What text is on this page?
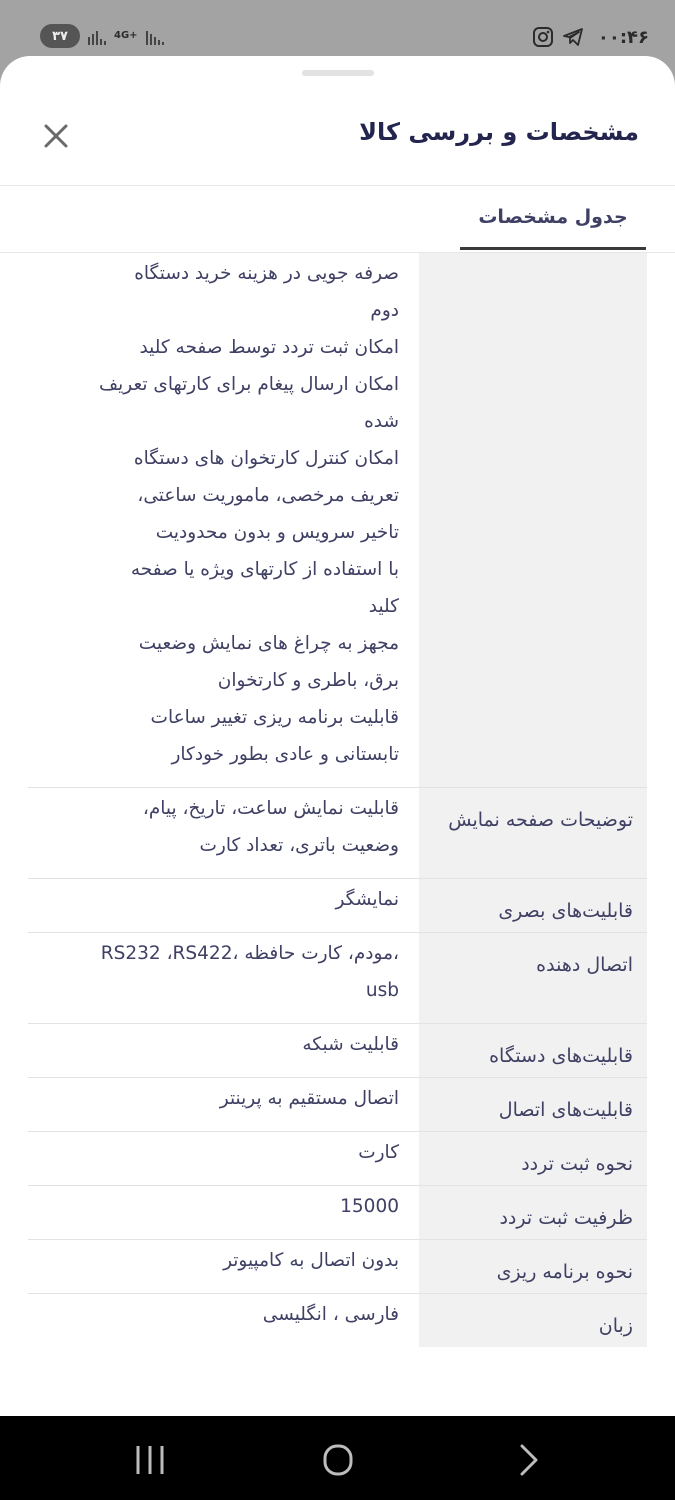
۳۷	4G+	۰۰:۴۶
مشخصات و بررسی کالا
جدول مشخصات
صرفه جویی در هزینه خرید دستگاه
دوم
امکان ثبت تردد توسط صفحه کلید
امکان ارسال پیغام برای کارتهای تعریف
شده
امکان کنترل کارتخوان های دستگاه
تعریف مرخصی، ماموریت ساعتی،
تاخیر سرویس و بدون محدودیت
با استفاده از کارتهای ویژه یا صفحه
کلید
مجهز به چراغ های نمایش وضعیت
برق، باطری و کارتخوان
قابلیت برنامه ریزی تغییر ساعات
تابستانی و عادی بطور خودکار
توضیحات صفحه نمایش
قابلیت نمایش ساعت، تاریخ، پیام،
وضعیت باتری، تعداد کارت
قابلیت‌های بصری
نمایشگر
اتصال دهنده
،مودم، کارت حافظه ،RS232 ،RS422
usb
قابلیت‌های دستگاه
قابلیت شبکه
قابلیت‌های اتصال
اتصال مستقیم به پرینتر
نحوه ثبت تردد
کارت
ظرفیت ثبت تردد
15000
نحوه برنامه ریزی
بدون اتصال به کامپیوتر
زبان
فارسی ، انگلیسی
